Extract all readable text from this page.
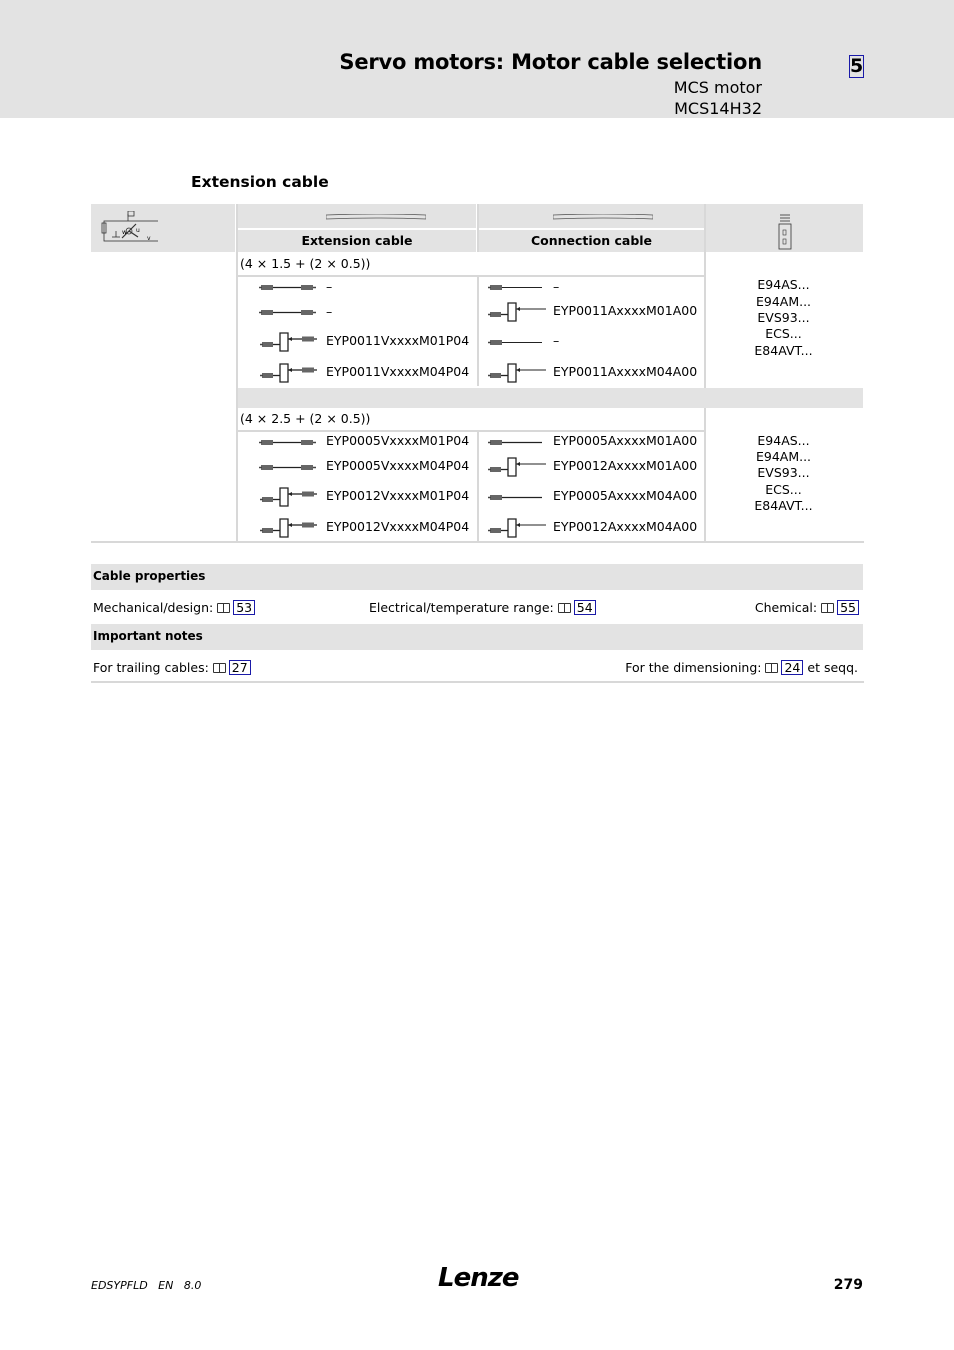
Servo motors: Motor cable selection
MCS motor
MCS14H32
5
Extension cable
w u
v	Extension cable	Connection cable
(4 × 1.5 + (2 × 0.5))
–	–
–	EYP0011AxxxxM01A00
EYP0011VxxxxM01P04	–
EYP0011VxxxxM04P04	EYP0011AxxxxM04A00
E94AS...
E94AM...
EVS93...
ECS...
E84AVT...
(4 × 2.5 + (2 × 0.5))
EYP0005VxxxxM01P04	EYP0005AxxxxM01A00
EYP0005VxxxxM04P04	EYP0012AxxxxM01A00
EYP0012VxxxxM01P04	EYP0005AxxxxM04A00
EYP0012VxxxxM04P04	EYP0012AxxxxM04A00
E94AS...
E94AM...
EVS93...
ECS...
E84AVT...
Cable properties
Mechanical/design: 53	Electrical/temperature range: 54	Chemical: 55
Important notes
For trailing cables: 27	For the dimensioning: 24 et seqq.
EDSYPFLD   EN   8.0	Lenze	279
